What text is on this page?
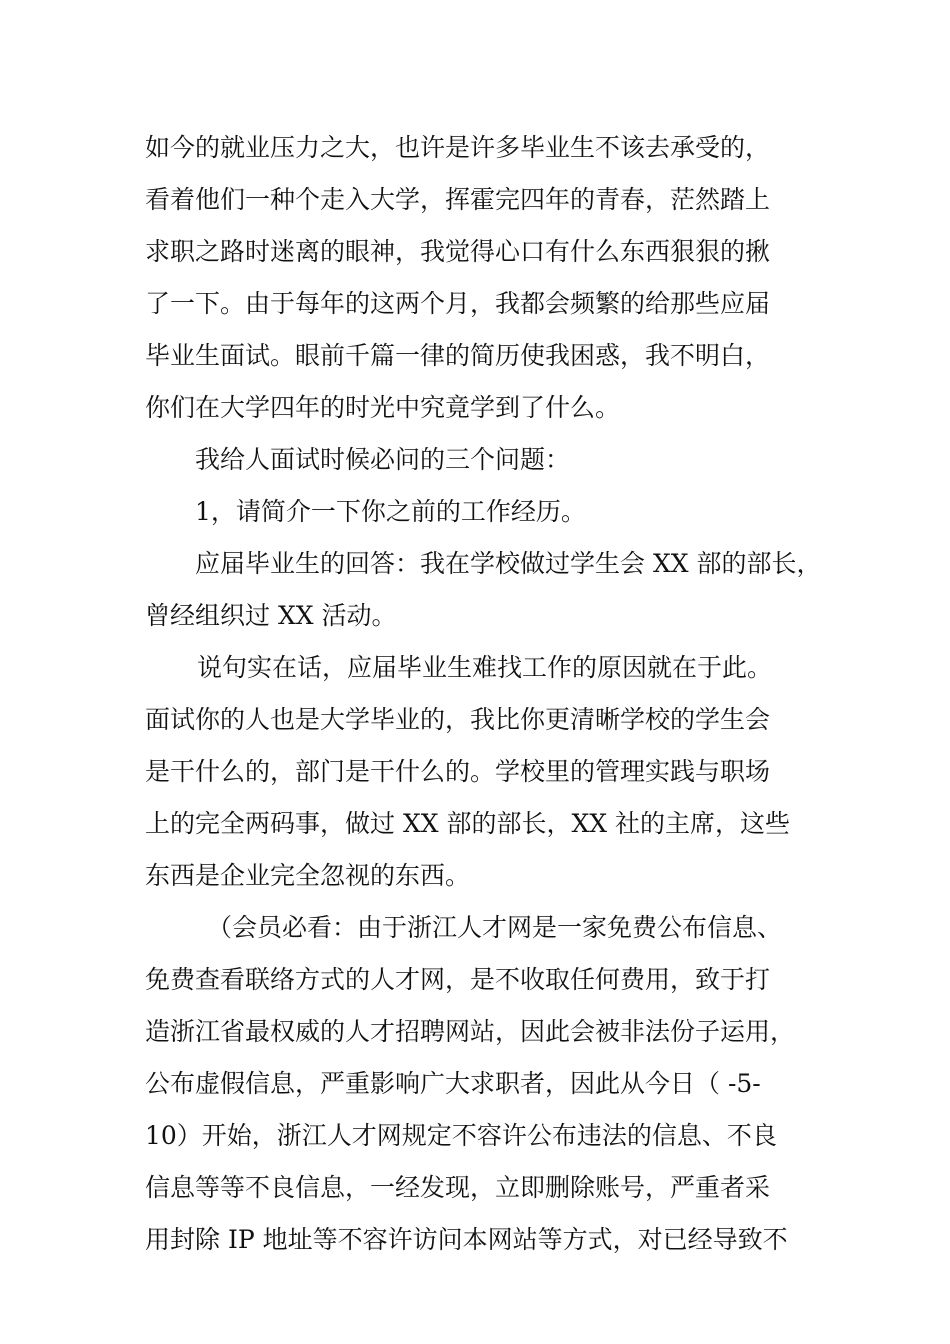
如今的就业压力之大，也许是许多毕业生不该去承受的，
看着他们一种个走入大学，挥霍完四年的青春，茫然踏上
求职之路时迷离的眼神，我觉得心口有什么东西狠狠的揪
了一下。由于每年的这两个月，我都会频繁的给那些应届
毕业生面试。眼前千篇一律的简历使我困惑，我不明白，
你们在大学四年的时光中究竟学到了什么。
我给人面试时候必问的三个问题：
1，请简介一下你之前的工作经历。
应届毕业生的回答：我在学校做过学生会 XX 部的部长，
曾经组织过 XX 活动。
说句实在话，应届毕业生难找工作的原因就在于此。
面试你的人也是大学毕业的，我比你更清晰学校的学生会
是干什么的，部门是干什么的。学校里的管理实践与职场
上的完全两码事，做过 XX 部的部长，XX 社的主席，这些
东西是企业完全忽视的东西。
（会员必看：由于浙江人才网是一家免费公布信息、
免费查看联络方式的人才网，是不收取任何费用，致于打
造浙江省最权威的人才招聘网站，因此会被非法份子运用，
公布虚假信息，严重影响广大求职者，因此从今日（ -5-
10）开始，浙江人才网规定不容许公布违法的信息、不良
信息等等不良信息，一经发现，立即删除账号，严重者采
用封除 IP 地址等不容许访问本网站等方式，对已经导致不
